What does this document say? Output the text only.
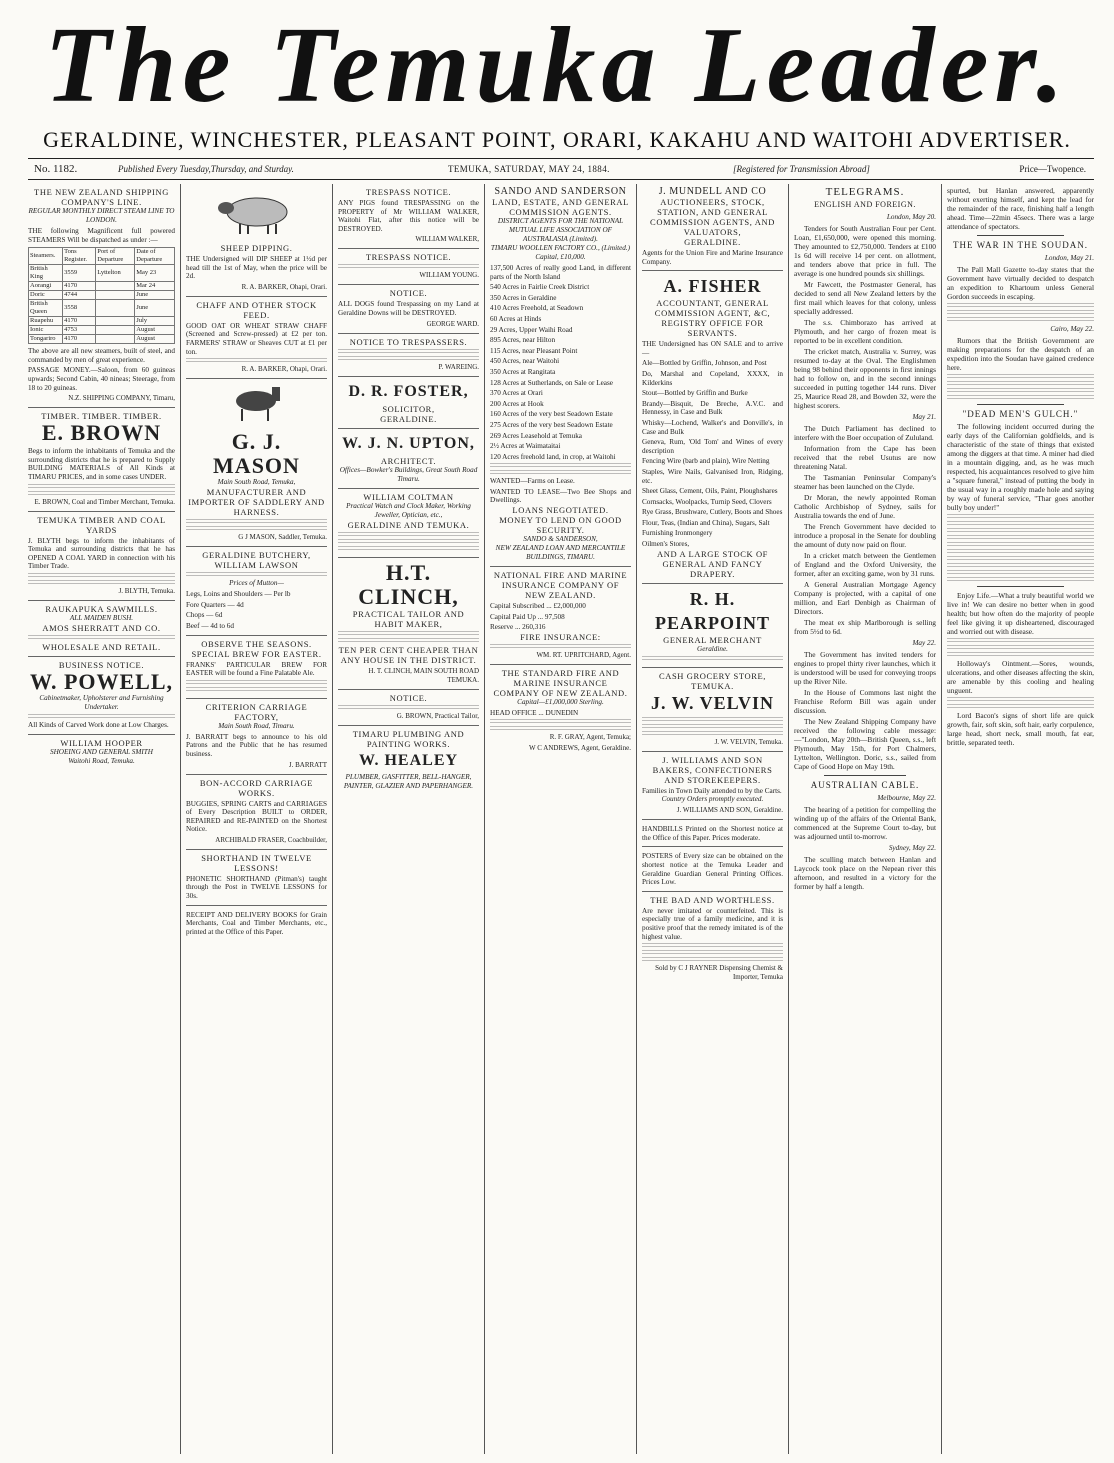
The Temuka Leader.
GERALDINE, WINCHESTER, PLEASANT POINT, ORARI, KAKAHU AND WAITOHI ADVERTISER.
No. 1182.	Published Every Tuesday,Thursday, and Sturday.	TEMUKA, SATURDAY, MAY 24, 1884.	[Registered for Transmission Abroad]	Price—Twopence.
THE NEW ZEALAND SHIPPING COMPANY'S LINE.
REGULAR MONTHLY DIRECT STEAM LINE TO LONDON.
THE following Magnificent full powered STEAMERS Will be dispatched as under :—
Steamers.	Tons Register.	Port of Departure	Date of Departure
British King	3559	Lyttelton	May 23
Aorangi	4170		Mar 24
Doric	4744		June
British Queen	3558		June
Ruapehu	4170		July
Ionic	4753		August
Tongariro	4170		August
The above are all new steamers, built of steel, and commanded by men of great experience.
PASSAGE MONEY.—Saloon, from 60 guineas upwards; Second Cabin, 40 nineas; Steerage, from 18 to 20 guineas.
N.Z. SHIPPING COMPANY, Timaru,
TIMBER. TIMBER. TIMBER.
E. BROWN
Begs to inform the inhabitants of Temuka and the surrounding districts that he is prepared to Supply BUILDING MATERIALS of All Kinds at TIMARU PRICES, and in some cases UNDER.
E. BROWN, Coal and Timber Merchant, Temuka.
TEMUKA TIMBER AND COAL YARDS
J. BLYTH begs to inform the inhabitants of Temuka and surrounding districts that he has OPENED A COAL YARD in connection with his Timber Trade.
J. BLYTH, Temuka.
RAUKAPUKA SAWMILLS.
ALL MAIDEN BUSH.
AMOS SHERRATT AND CO.
WHOLESALE AND RETAIL.
BUSINESS NOTICE.
W. POWELL,
Cabinetmaker, Upholsterer and Furnishing Undertaker.
All Kinds of Carved Work done at Low Charges.
WILLIAM HOOPER
SHOEING AND GENERAL SMITH
Waitohi Road, Temuka.
SHEEP DIPPING.
THE Undersigned will DIP SHEEP at 1½d per head till the 1st of May, when the price will be 2d.
R. A. BARKER, Ohapi, Orari.
CHAFF AND OTHER STOCK FEED.
GOOD OAT OR WHEAT STRAW CHAFF (Screened and Screw-pressed) at £2 per ton. FARMERS' STRAW or Sheaves CUT at £1 per ton.
R. A. BARKER, Ohapi, Orari.
G. J. MASON
Main South Road, Temuka,
MANUFACTURER AND IMPORTER OF SADDLERY AND HARNESS.
G J MASON, Saddler, Temuka.
GERALDINE BUTCHERY,
WILLIAM LAWSON
Prices of Mutton—
Legs, Loins and Shoulders — Per lb
Fore Quarters — 4d
Chops — 6d
Beef — 4d to 6d
OBSERVE THE SEASONS.
SPECIAL BREW FOR EASTER.
FRANKS' PARTICULAR BREW FOR EASTER will be found a Fine Palatable Ale.
CRITERION CARRIAGE FACTORY,
Main South Road, Timaru.
J. BARRATT begs to announce to his old Patrons and the Public that he has resumed business.
J. BARRATT
BON-ACCORD CARRIAGE WORKS.
BUGGIES, SPRING CARTS and CARRIAGES of Every Description BUILT to ORDER, REPAIRED and RE-PAINTED on the Shortest Notice.
ARCHIBALD FRASER, Coachbuilder,
SHORTHAND IN TWELVE LESSONS!
PHONETIC SHORTHAND (Pitman's) taught through the Post in TWELVE LESSONS for 30s.
RECEIPT AND DELIVERY BOOKS for Grain Merchants, Coal and Timber Merchants, etc., printed at the Office of this Paper.
TRESPASS NOTICE.
ANY PIGS found TRESPASSING on the PROPERTY of Mr WILLIAM WALKER, Waitohi Flat, after this notice will be DESTROYED.
WILLIAM WALKER,
TRESPASS NOTICE.
WILLIAM YOUNG.
NOTICE.
ALL DOGS found Trespassing on my Land at Geraldine Downs will be DESTROYED.
GEORGE WARD.
NOTICE TO TRESPASSERS.
P. WAREING.
D. R. FOSTER,
SOLICITOR,
GERALDINE.
W. J. N. UPTON,
ARCHITECT.
Offices—Bowker's Buildings, Great South Road Timaru.
WILLIAM COLTMAN
Practical Watch and Clock Maker, Working Jeweller, Optician, etc.,
GERALDINE AND TEMUKA.
H.T. CLINCH,
PRACTICAL TAILOR AND HABIT MAKER,
TEN PER CENT CHEAPER THAN ANY HOUSE IN THE DISTRICT.
H. T. CLINCH, MAIN SOUTH ROAD TEMUKA.
NOTICE.
G. BROWN, Practical Tailor,
TIMARU PLUMBING AND PAINTING WORKS.
W. HEALEY
PLUMBER, GASFITTER, BELL-HANGER, PAINTER, GLAZIER AND PAPERHANGER.
SANDO AND SANDERSON
LAND, ESTATE, AND GENERAL COMMISSION AGENTS.
DISTRICT AGENTS FOR THE NATIONAL MUTUAL LIFE ASSOCIATION OF AUSTRALASIA (Limited).
TIMARU WOOLLEN FACTORY CO., (Limited.) Capital, £10,000.
137,500 Acres of really good Land, in different parts of the North Island
540 Acres in Fairlie Creek District
350 Acres in Geraldine
410 Acres Freehold, at Seadown
60 Acres at Hinds
29 Acres, Upper Waihi Road
895 Acres, near Hilton
115 Acres, near Pleasant Point
450 Acres, near Waitohi
350 Acres at Rangitata
128 Acres at Sutherlands, on Sale or Lease
370 Acres at Orari
200 Acres at Hook
160 Acres of the very best Seadown Estate
275 Acres of the very best Seadown Estate
269 Acres Leasehold at Temuka
2½ Acres at Waimataitai
120 Acres freehold land, in crop, at Waitohi
WANTED—Farms on Lease.
WANTED TO LEASE—Two Bee Shops and Dwellings.
LOANS NEGOTIATED.
MONEY TO LEND ON GOOD SECURITY.
SANDO & SANDERSON,
NEW ZEALAND LOAN AND MERCANTILE BUILDINGS, TIMARU.
NATIONAL FIRE AND MARINE INSURANCE COMPANY OF NEW ZEALAND.
Capital Subscribed ... £2,000,000
Capital Paid Up ... 97,508
Reserve ... 260,316
FIRE INSURANCE:
WM. RT. UPRITCHARD, Agent.
THE STANDARD FIRE AND MARINE INSURANCE COMPANY OF NEW ZEALAND.
Capital—£1,000,000 Sterling.
HEAD OFFICE ... DUNEDIN
R. F. GRAY, Agent, Temuka;
W C ANDREWS, Agent, Geraldine.
J. MUNDELL AND CO
AUCTIONEERS, STOCK, STATION, AND GENERAL COMMISSION AGENTS, AND VALUATORS,
GERALDINE.
Agents for the Union Fire and Marine Insurance Company.
A. FISHER
ACCOUNTANT, GENERAL COMMISSION AGENT, &C,
REGISTRY OFFICE FOR SERVANTS.
THE Undersigned has ON SALE and to arrive—
Ale—Bottled by Griffin, Johnson, and Post
Do, Marshal and Copeland, XXXX, in Kilderkins
Stout—Bottled by Griffin and Burke
Brandy—Bisquit, De Breche, A.V.C. and Hennessy, in Case and Bulk
Whisky—Lochend, Walker's and Donville's, in Case and Bulk
Geneva, Rum, 'Old Tom' and Wines of every description
Fencing Wire (barb and plain), Wire Netting
Staples, Wire Nails, Galvanised Iron, Ridging, etc.
Sheet Glass, Cement, Oils, Paint, Ploughshares
Cornsacks, Woolpacks, Turnip Seed, Clovers
Rye Grass, Brushware, Cutlery, Boots and Shoes
Flour, Teas, (Indian and China), Sugars, Salt
Furnishing Ironmongery
Oilmen's Stores,
AND A LARGE STOCK OF GENERAL AND FANCY DRAPERY.
R. H. PEARPOINT
GENERAL MERCHANT
Geraldine.
CASH GROCERY STORE, TEMUKA.
J. W. VELVIN
J. W. VELVIN, Temuka.
J. WILLIAMS AND SON
BAKERS, CONFECTIONERS AND STOREKEEPERS.
Families in Town Daily attended to by the Carts.
Country Orders promptly executed.
J. WILLIAMS AND SON, Geraldine.
HANDBILLS Printed on the Shortest notice at the Office of this Paper. Prices moderate.
POSTERS of Every size can be obtained on the shortest notice at the Temuka Leader and Geraldine Guardian General Printing Offices. Prices Low.
THE BAD AND WORTHLESS.
Are never imitated or counterfeited. This is especially true of a family medicine, and it is positive proof that the remedy imitated is of the highest value.
Sold by C J RAYNER Dispensing Chemist & Importer, Temuka
TELEGRAMS.
ENGLISH AND FOREIGN.
London, May 20.

Tenders for South Australian Four per Cent. Loan, £1,650,000, were opened this morning. They amounted to £2,750,000. Tenders at £100 1s 6d will receive 14 per cent. on allotment, and tenders above that price in full. The average is one hundred pounds six shillings.

Mr Fawcett, the Postmaster General, has decided to send all New Zealand letters by the first mail which leaves for that colony, unless specially addressed.

The s.s. Chimborazo has arrived at Plymouth, and her cargo of frozen meat is reported to be in excellent condition.

The cricket match, Australia v. Surrey, was resumed to-day at the Oval. The Englishmen being 98 behind their opponents in first innings had to follow on, and in the second innings succeeded in putting together 144 runs. Diver 25, Maurice Read 28, and Bowden 32, were the highest scorers.

May 21.

The Dutch Parliament has declined to interfere with the Boer occupation of Zululand.

Information from the Cape has been received that the rebel Usutus are now threatening Natal.

The Tasmanian Peninsular Company's steamer has been launched on the Clyde.

Dr Moran, the newly appointed Roman Catholic Archbishop of Sydney, sails for Australia towards the end of June.

The French Government have decided to introduce a proposal in the Senate for doubling the amount of duty now paid on flour.

In a cricket match between the Gentlemen of England and the Oxford University, the former, after an exciting game, won by 31 runs.

A General Australian Mortgage Agency Company is projected, with a capital of one million, and Earl Denbigh as Chairman of Directors.

The meat ex ship Marlborough is selling from 5½d to 6d.

May 22.

The Government has invited tenders for engines to propel thirty river launches, which it is understood will be used for conveying troops up the River Nile.

In the House of Commons last night the Franchise Reform Bill was again under discussion.

The New Zealand Shipping Company have received the following cable message:—"London, May 20th—British Queen, s.s., left Plymouth, May 15th, for Port Chalmers, Lyttelton, Wellington. Doric, s.s., sailed from Cape of Good Hope on May 19th.

AUSTRALIAN CABLE.
Melbourne, May 22.

The hearing of a petition for compelling the winding up of the affairs of the Oriental Bank, commenced at the Supreme Court to-day, but was adjourned until to-morrow.

Sydney, May 22.

The sculling match between Hanlan and Laycock took place on the Nepean river this afternoon, and resulted in a victory for the former by half a length.

spurted, but Hanlan answered, apparently without exerting himself, and kept the lead for the remainder of the race, finishing half a length ahead. Time—22min 45secs. There was a large attendance of spectators.

THE WAR IN THE SOUDAN.
London, May 21.

The Pall Mall Gazette to-day states that the Government have virtually decided to despatch an expedition to Khartoum unless General Gordon succeeds in escaping.

Cairo, May 22.

Rumors that the British Government are making preparations for the despatch of an expedition into the Soudan have gained credence here.

"DEAD MEN'S GULCH."

The following incident occurred during the early days of the Californian goldfields, and is characteristic of the state of things that existed among the diggers at that time. A miner had died in a mountain digging, and, as he was much respected, his acquaintances resolved to give him a "square funeral," instead of putting the body in the usual way in a roughly made hole and saying by way of funeral service, "Thar goes another bully boy under!"

Enjoy Life.—What a truly beautiful world we live in! We can desire no better when in good health; but how often do the majority of people feel like giving it up disheartened, discouraged and worried out with disease.

Holloway's Ointment.—Sores, wounds, ulcerations, and other diseases affecting the skin, are amenable by this cooling and healing unguent.

Lord Bacon's signs of short life are quick growth, fair, soft skin, soft hair, early corpulence, large head, short neck, small mouth, fat ear, brittle, separated teeth.
